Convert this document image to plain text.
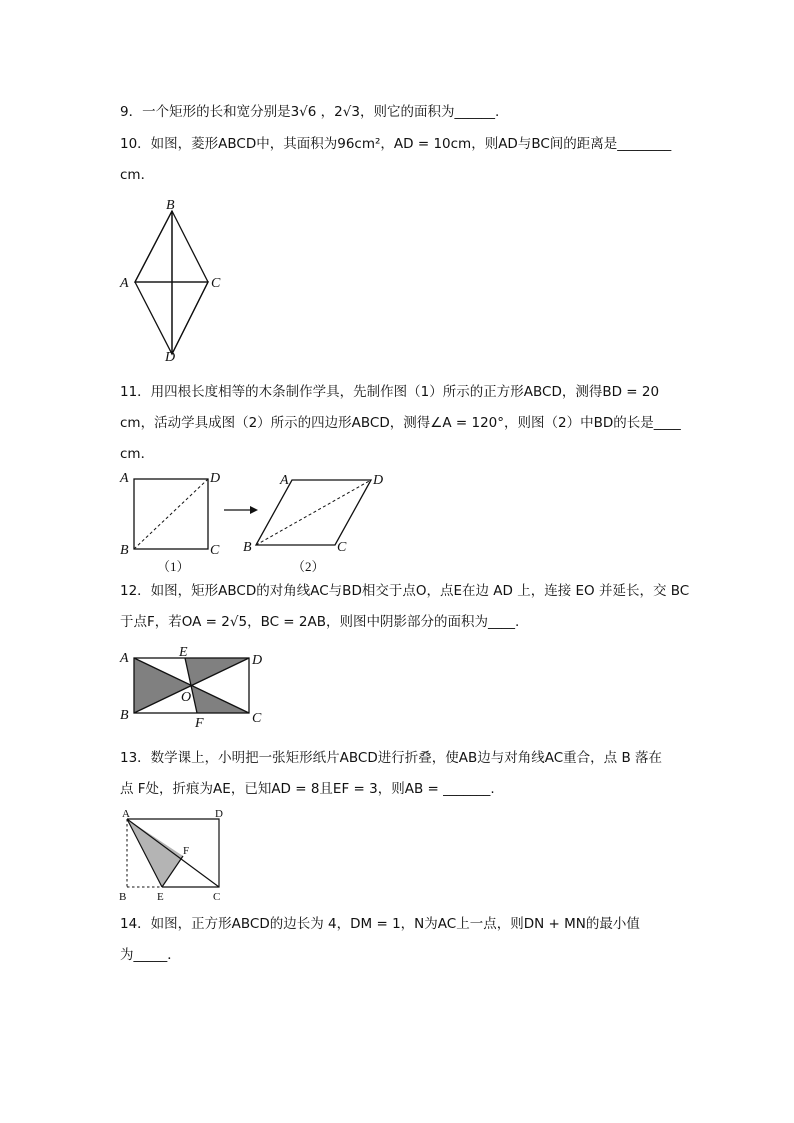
9．一个矩形的长和宽分别是3√6 ，2√3，则它的面积为______.
10．如图，菱形ABCD中，其面积为96cm²，AD = 10cm，则AD与BC间的距离是________
cm．
B
A	C
D
11．用四根长度相等的木条制作学具，先制作图（1）所示的正方形ABCD，测得BD = 20
cm，活动学具成图（2）所示的四边形ABCD，测得∠A = 120°，则图（2）中BD的长是____
cm．
A	D
B	C
（1）
A	D
B	C
（2）
12．如图，矩形ABCD的对角线AC与BD相交于点O，点E在边 AD 上，连接 EO 并延长，交 BC
于点F，若OA = 2√5，BC = 2AB，则图中阴影部分的面积为____.
A	D
B	C
E
F
O
13．数学课上，小明把一张矩形纸片ABCD进行折叠，使AB边与对角线AC重合，点 B 落在
点 F处，折痕为AE，已知AD = 8且EF = 3，则AB = _______.
A	D
B	E	C
F
14．如图，正方形ABCD的边长为 4，DM = 1，N为AC上一点，则DN + MN的最小值
为_____．
